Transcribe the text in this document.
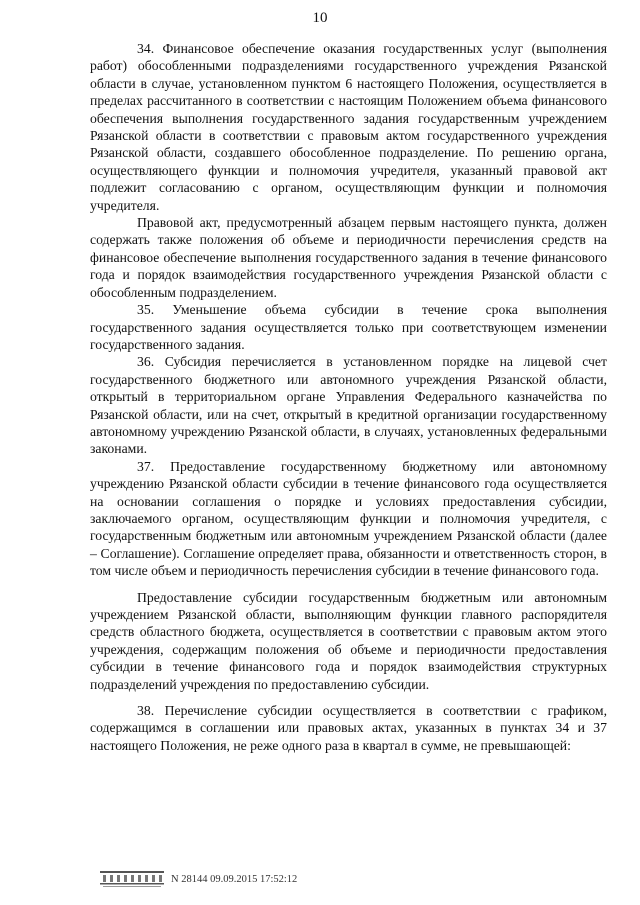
10

34. Финансовое обеспечение оказания государственных услуг (выполнения работ) обособленными подразделениями государственного учреждения Рязанской области в случае, установленном пунктом 6 настоящего Положения, осуществляется в пределах рассчитанного в соответствии с настоящим Положением объема финансового обеспечения выполнения государственного задания государственным учреждением Рязанской области в соответствии с правовым актом государственного учреждения Рязанской области, создавшего обособленное подразделение. По решению органа, осуществляющего функции и полномочия учредителя, указанный правовой акт подлежит согласованию с органом, осуществляющим функции и полномочия учредителя.

Правовой акт, предусмотренный абзацем первым настоящего пункта, должен содержать также положения об объеме и периодичности перечисления средств на финансовое обеспечение выполнения государственного задания в течение финансового года и порядок взаимодействия государственного учреждения Рязанской области с обособленным подразделением.

35. Уменьшение объема субсидии в течение срока выполнения государственного задания осуществляется только при соответствующем изменении государственного задания.

36. Субсидия перечисляется в установленном порядке на лицевой счет государственного бюджетного или автономного учреждения Рязанской области, открытый в территориальном органе Управления Федерального казначейства по Рязанской области, или на счет, открытый в кредитной организации государственному автономному учреждению Рязанской области, в случаях, установленных федеральными законами.

37. Предоставление государственному бюджетному или автономному учреждению Рязанской области субсидии в течение финансового года осуществляется на основании соглашения о порядке и условиях предоставления субсидии, заключаемого органом, осуществляющим функции и полномочия учредителя, с государственным бюджетным или автономным учреждением Рязанской области (далее – Соглашение). Соглашение определяет права, обязанности и ответственность сторон, в том числе объем и периодичность перечисления субсидии в течение финансового года.

Предоставление субсидии государственным бюджетным или автономным учреждением Рязанской области, выполняющим функции главного распорядителя средств областного бюджета, осуществляется в соответствии с правовым актом этого учреждения, содержащим положения об объеме и периодичности предоставления субсидии в течение финансового года и порядок взаимодействия структурных подразделений учреждения по предоставлению субсидии.

38. Перечисление субсидии осуществляется в соответствии с графиком, содержащимся в соглашении или правовых актах, указанных в пунктах 34 и 37 настоящего Положения, не реже одного раза в квартал в сумме, не превышающей:

N 28144 09.09.2015 17:52:12
